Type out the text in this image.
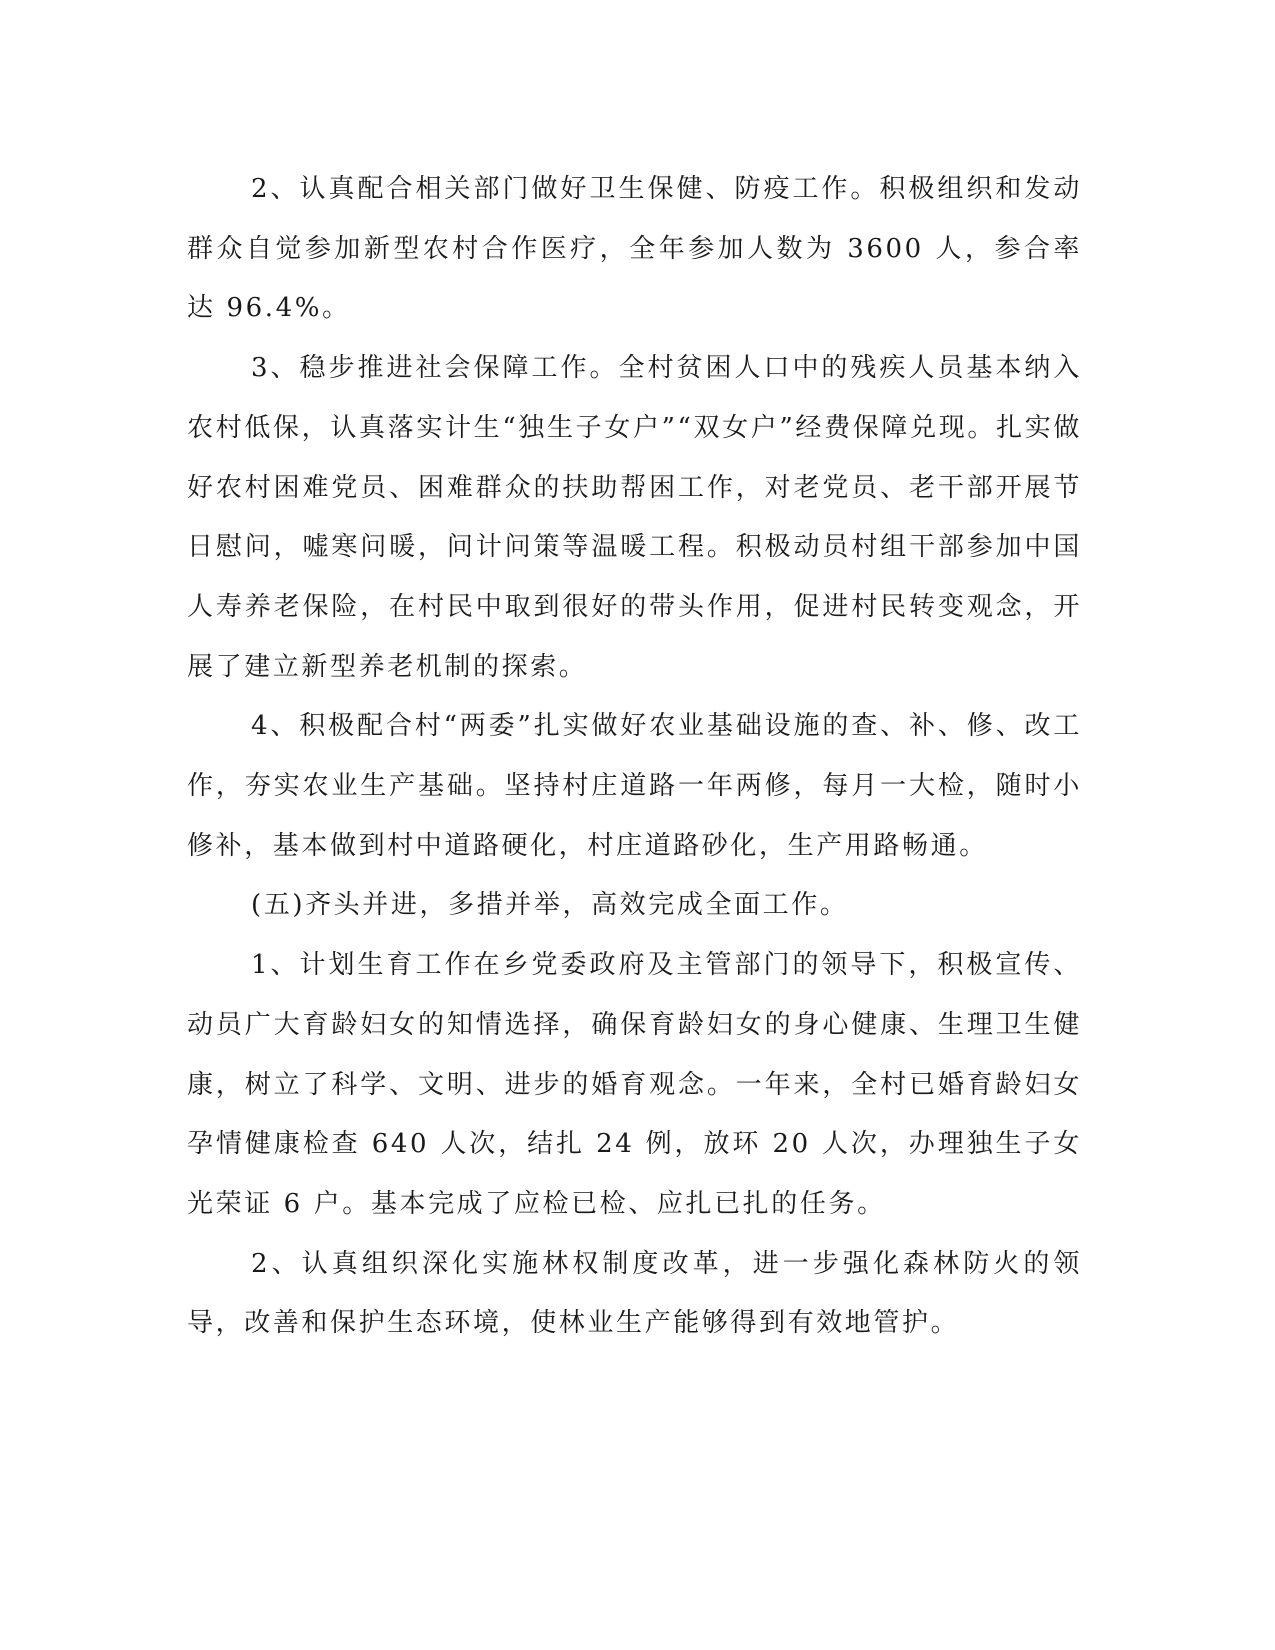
2、认真配合相关部门做好卫生保健、防疫工作。积极组织和发动群众自觉参加新型农村合作医疗，全年参加人数为 3600 人，参合率达 96.4%。

3、稳步推进社会保障工作。全村贫困人口中的残疾人员基本纳入农村低保，认真落实计生“独生子女户”“双女户”经费保障兑现。扎实做好农村困难党员、困难群众的扶助帮困工作，对老党员、老干部开展节日慰问，嘘寒问暖，问计问策等温暖工程。积极动员村组干部参加中国人寿养老保险，在村民中取到很好的带头作用，促进村民转变观念，开展了建立新型养老机制的探索。

4、积极配合村“两委”扎实做好农业基础设施的查、补、修、改工作，夯实农业生产基础。坚持村庄道路一年两修，每月一大检，随时小修补，基本做到村中道路硬化，村庄道路砂化，生产用路畅通。

(五)齐头并进，多措并举，高效完成全面工作。

1、计划生育工作在乡党委政府及主管部门的领导下，积极宣传、动员广大育龄妇女的知情选择，确保育龄妇女的身心健康、生理卫生健康，树立了科学、文明、进步的婚育观念。一年来，全村已婚育龄妇女孕情健康检查 640 人次，结扎 24 例，放环 20 人次，办理独生子女光荣证 6 户。基本完成了应检已检、应扎已扎的任务。

2、认真组织深化实施林权制度改革，进一步强化森林防火的领导，改善和保护生态环境，使林业生产能够得到有效地管护。
